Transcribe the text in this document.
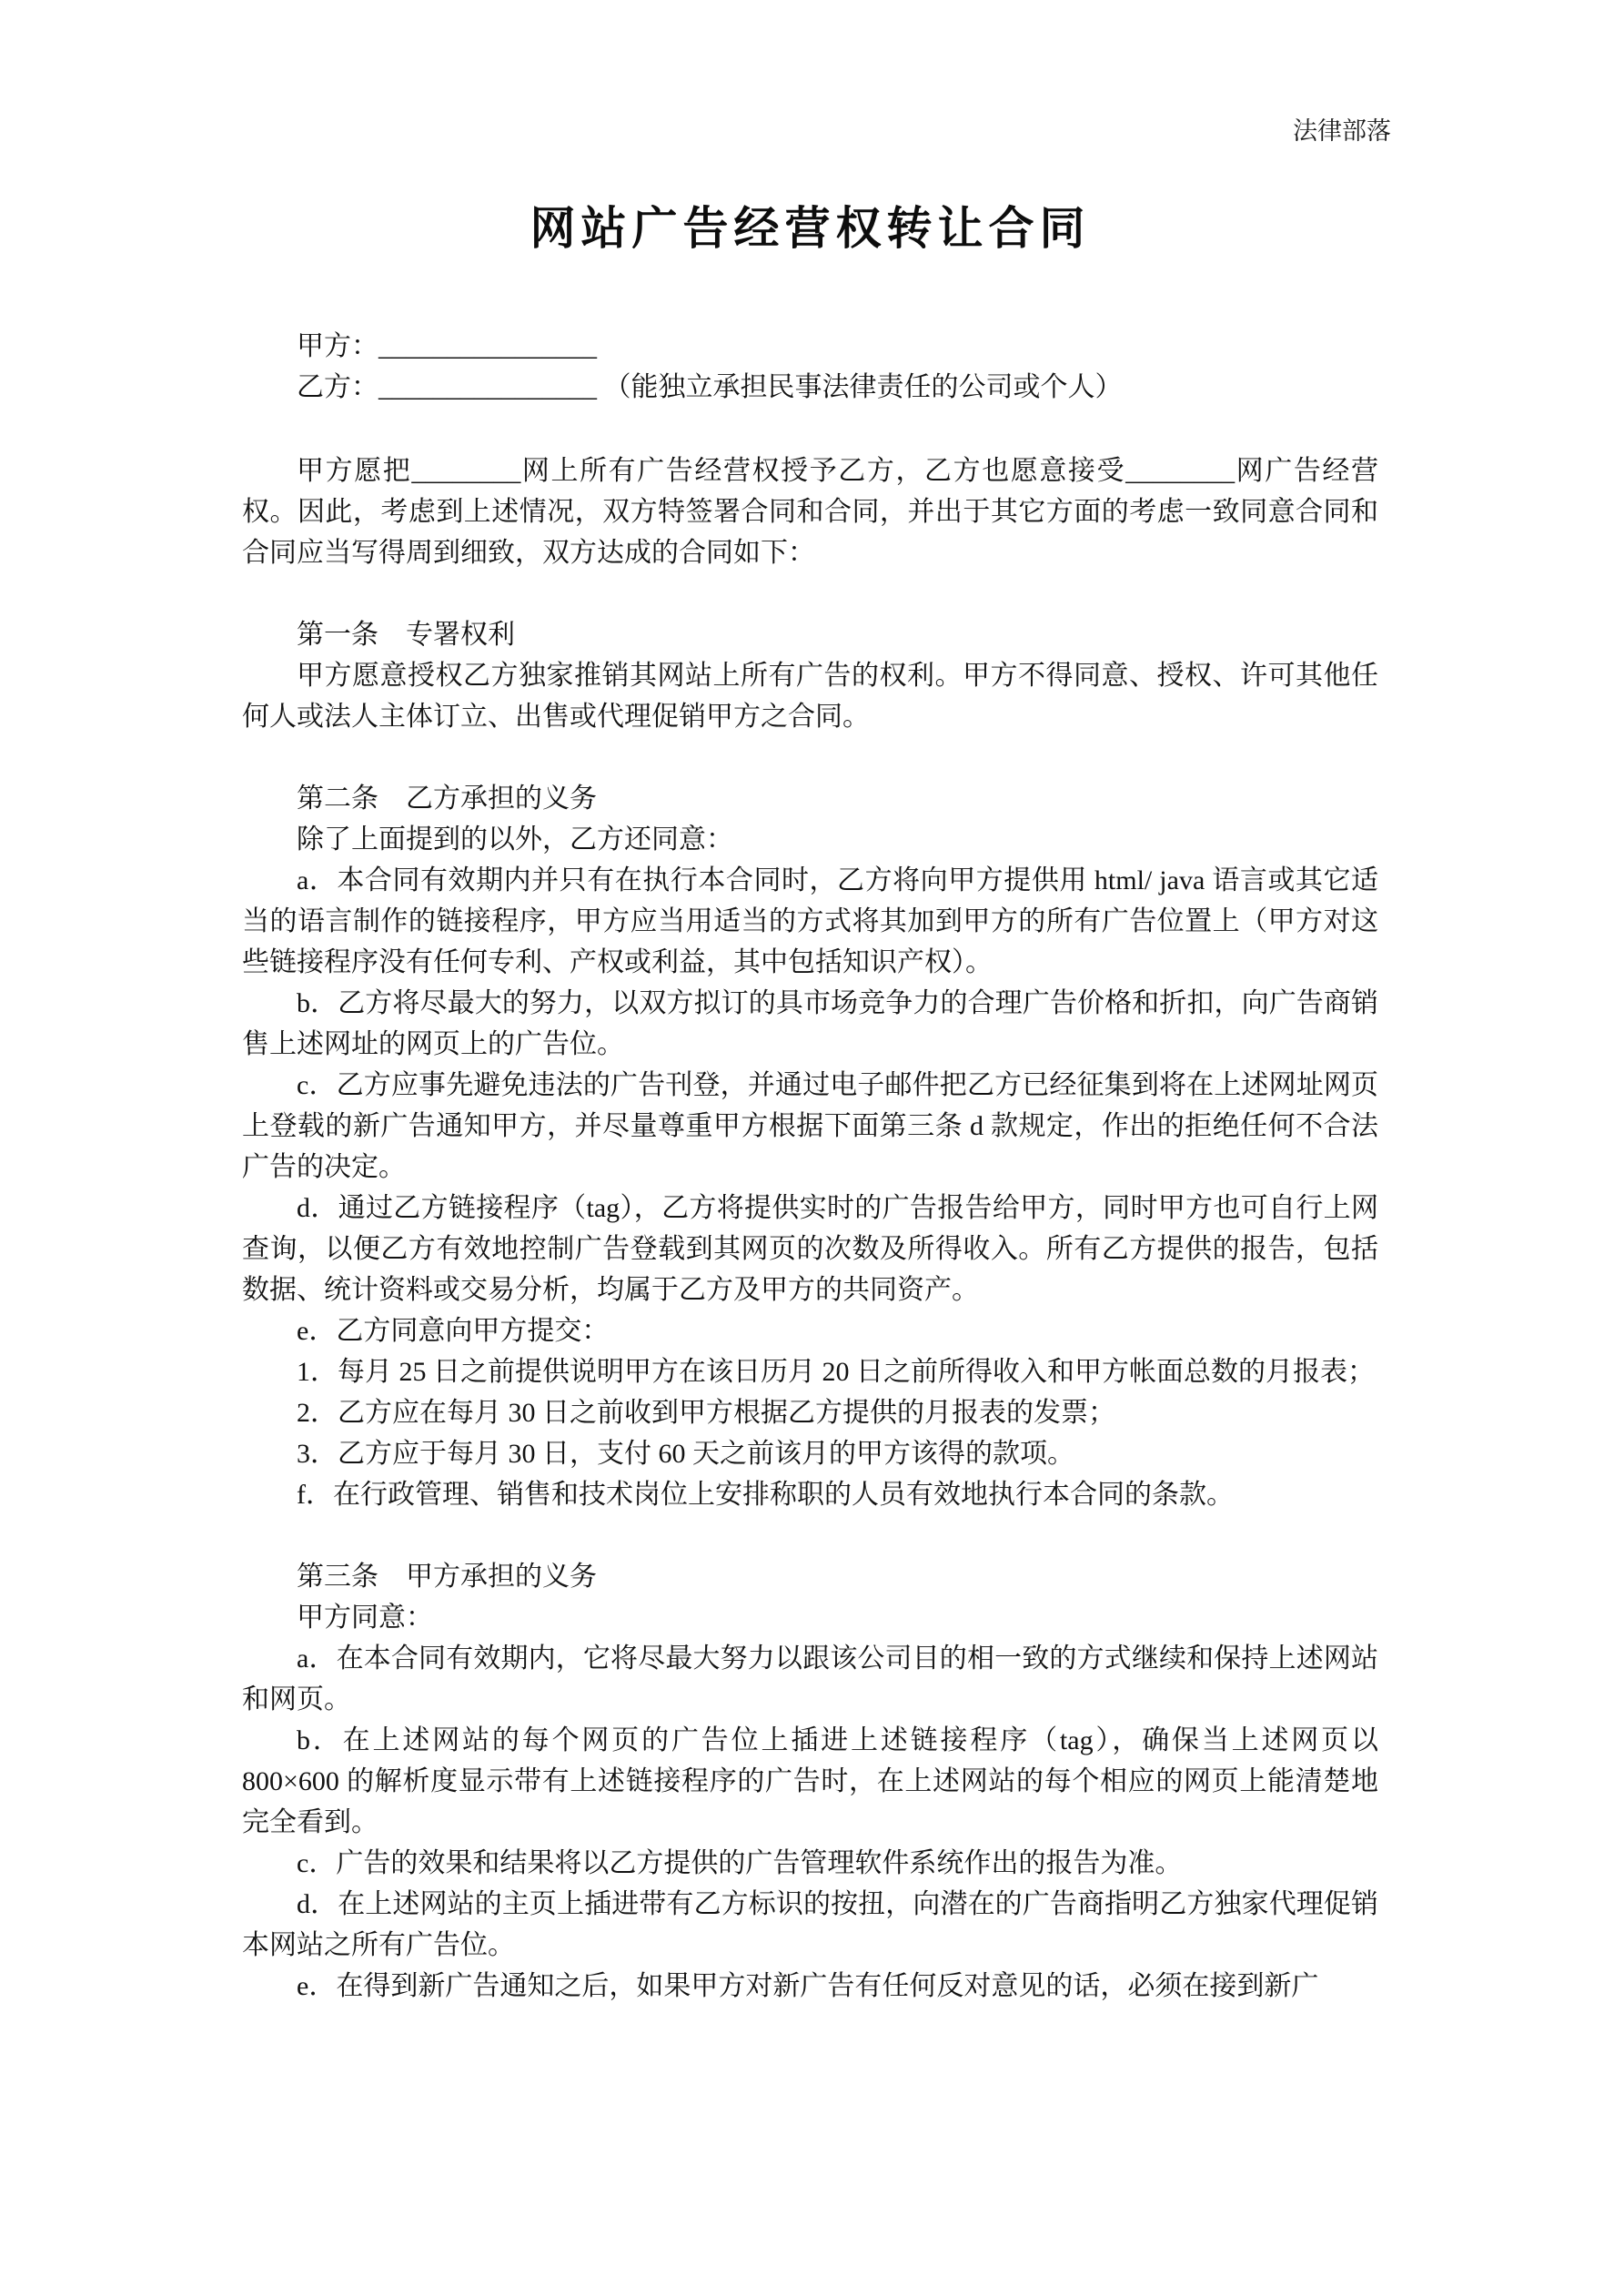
法律部落
网站广告经营权转让合同

甲方：________________

乙方：________________ （能独立承担民事法律责任的公司或个人）

甲方愿把________网上所有广告经营权授予乙方，乙方也愿意接受________网广告经营权。因此，考虑到上述情况，双方特签署合同和合同，并出于其它方面的考虑一致同意合同和合同应当写得周到细致，双方达成的合同如下：

第一条　专署权利

甲方愿意授权乙方独家推销其网站上所有广告的权利。甲方不得同意、授权、许可其他任何人或法人主体订立、出售或代理促销甲方之合同。

第二条　乙方承担的义务

除了上面提到的以外，乙方还同意：

a．本合同有效期内并只有在执行本合同时，乙方将向甲方提供用 html/ java 语言或其它适当的语言制作的链接程序，甲方应当用适当的方式将其加到甲方的所有广告位置上（甲方对这些链接程序没有任何专利、产权或利益，其中包括知识产权）。

b．乙方将尽最大的努力，以双方拟订的具市场竞争力的合理广告价格和折扣，向广告商销售上述网址的网页上的广告位。

c．乙方应事先避免违法的广告刊登，并通过电子邮件把乙方已经征集到将在上述网址网页上登载的新广告通知甲方，并尽量尊重甲方根据下面第三条 d 款规定，作出的拒绝任何不合法广告的决定。

d．通过乙方链接程序（tag），乙方将提供实时的广告报告给甲方，同时甲方也可自行上网查询，以便乙方有效地控制广告登载到其网页的次数及所得收入。所有乙方提供的报告，包括数据、统计资料或交易分析，均属于乙方及甲方的共同资产。

e．乙方同意向甲方提交：

1．每月 25 日之前提供说明甲方在该日历月 20 日之前所得收入和甲方帐面总数的月报表；

2．乙方应在每月 30 日之前收到甲方根据乙方提供的月报表的发票；

3．乙方应于每月 30 日，支付 60 天之前该月的甲方该得的款项。

f．在行政管理、销售和技术岗位上安排称职的人员有效地执行本合同的条款。

第三条　甲方承担的义务

甲方同意：

a．在本合同有效期内，它将尽最大努力以跟该公司目的相一致的方式继续和保持上述网站和网页。

b．在上述网站的每个网页的广告位上插进上述链接程序（tag），确保当上述网页以 800×600 的解析度显示带有上述链接程序的广告时，在上述网站的每个相应的网页上能清楚地完全看到。

c．广告的效果和结果将以乙方提供的广告管理软件系统作出的报告为准。

d．在上述网站的主页上插进带有乙方标识的按扭，向潜在的广告商指明乙方独家代理促销本网站之所有广告位。

e．在得到新广告通知之后，如果甲方对新广告有任何反对意见的话，必须在接到新广
